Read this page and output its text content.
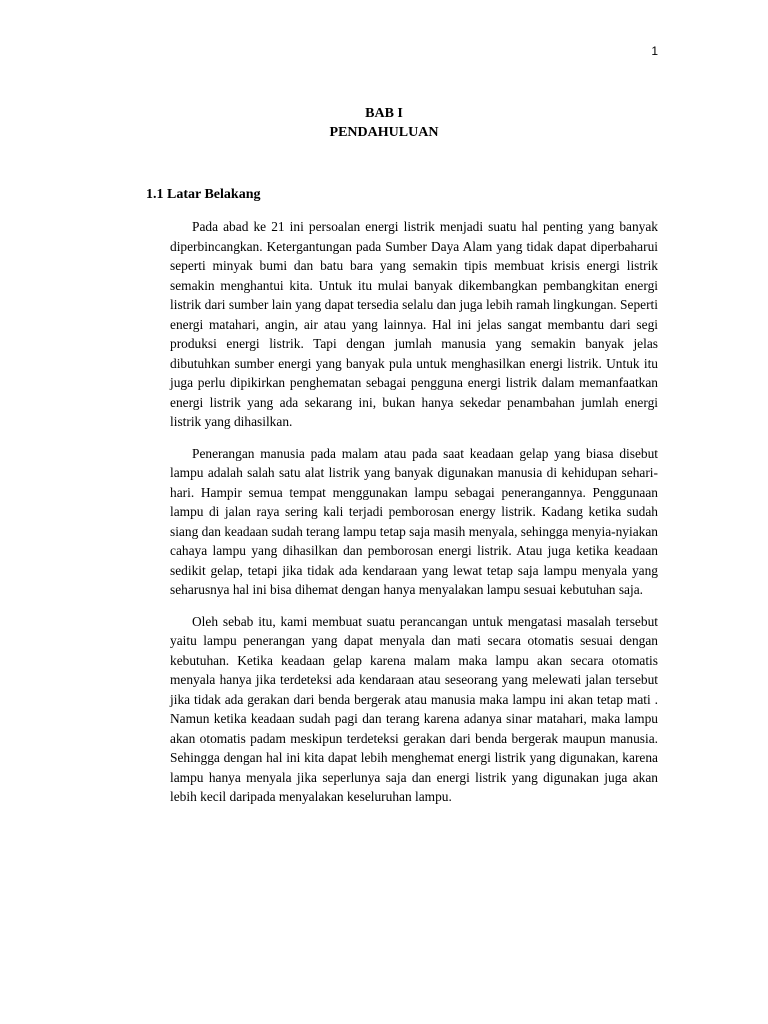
1
BAB I
PENDAHULUAN
1.1 Latar Belakang

Pada abad ke 21 ini persoalan energi listrik menjadi suatu hal penting yang banyak diperbincangkan. Ketergantungan pada Sumber Daya Alam yang tidak dapat diperbaharui seperti minyak bumi dan batu bara yang semakin tipis membuat krisis energi listrik semakin menghantui kita. Untuk itu mulai banyak dikembangkan pembangkitan energi listrik dari sumber lain yang dapat tersedia selalu dan juga lebih ramah lingkungan. Seperti energi matahari, angin, air atau yang lainnya. Hal ini jelas sangat membantu dari segi produksi energi listrik. Tapi dengan jumlah manusia yang semakin banyak jelas dibutuhkan sumber energi yang banyak pula untuk menghasilkan energi listrik. Untuk itu juga perlu dipikirkan penghematan sebagai pengguna energi listrik dalam memanfaatkan energi listrik yang ada sekarang ini, bukan hanya sekedar penambahan jumlah energi listrik yang dihasilkan.

Penerangan manusia pada malam atau pada saat keadaan gelap yang biasa disebut lampu adalah salah satu alat listrik yang banyak digunakan manusia di kehidupan sehari-hari. Hampir semua tempat menggunakan lampu sebagai penerangannya. Penggunaan lampu di jalan raya sering kali terjadi pemborosan energy listrik. Kadang ketika sudah siang dan keadaan sudah terang lampu tetap saja masih menyala, sehingga menyia-nyiakan cahaya lampu yang dihasilkan dan pemborosan energi listrik. Atau juga ketika keadaan sedikit gelap, tetapi jika tidak ada kendaraan yang lewat tetap saja lampu menyala yang seharusnya hal ini bisa dihemat dengan hanya menyalakan lampu sesuai kebutuhan saja.

Oleh sebab itu, kami membuat suatu perancangan untuk mengatasi masalah tersebut yaitu lampu penerangan yang dapat menyala dan mati secara otomatis sesuai dengan kebutuhan. Ketika keadaan gelap karena malam maka lampu akan secara otomatis menyala hanya jika terdeteksi ada kendaraan atau seseorang yang melewati jalan tersebut jika tidak ada gerakan dari benda bergerak atau manusia maka lampu ini akan tetap mati . Namun ketika keadaan sudah pagi dan terang karena adanya sinar matahari, maka lampu akan otomatis padam meskipun terdeteksi gerakan dari benda bergerak maupun manusia. Sehingga dengan hal ini kita dapat lebih menghemat energi listrik yang digunakan, karena lampu hanya menyala jika seperlunya saja dan energi listrik yang digunakan juga akan lebih kecil daripada menyalakan keseluruhan lampu.
